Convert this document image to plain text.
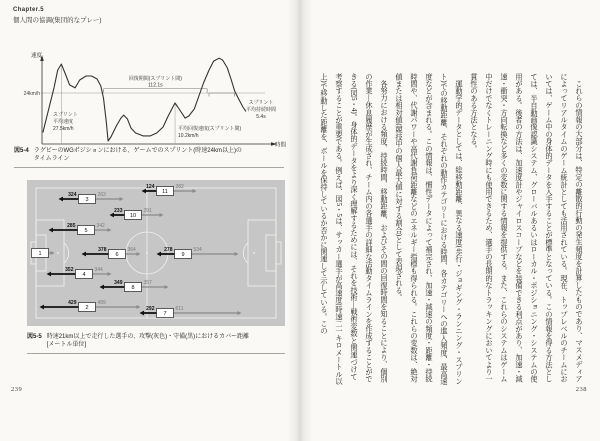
Chapter.5
個人間の協調(集団的なプレー)
24km/h
速度
時間
スプリント
平均速度
27.5km/h	平均回復速度(スプリント間)
10.2km/h
回復期間(スプリント間)
112.1s
スプリント
平均持続時間
5.4s
図5-4 ラグビーのWGポジションにおける、ゲームでのスプリント(時速24km以上)の
タイムライン
324	263
3
124	282
11
233	291
10
285	342
5
1
378	364
6
278	534
9
352	344
4
349	357
8
429	489
2	292	611
7
図5-5 時速21km以上で走行した選手の、攻撃(灰色)・守備(黒)におけるカバー距離
[メートル単位]
239

これらの情報の大部分は、特定の離散的行動の発生頻度を計算したものであり、マスメディアによってリアルタイムのゲーム統計としても活用されている。現在、トップレベルのチームにおいては、ゲーム中の身体的データを入手することが標準となっている。この情報を得る方法としては、半自動画像認識システム、グローバルあるいはローカル・ポジショニング・システムの使用がある。後者の方法は、加速度計やジャイロスコープなどを装備できる利点があり、加速・減速・衝突・方向転換など多くの変数に関する情報を提供する。また、これらのシステムはゲーム中だけでなくトレーニング時にも使用できるため、選手の長期的なトラッキングにおいてより一貫性のある方法となる。

運動学的データとしては、総移動距離、異なる速度(歩行・ジョギング・ランニング・スプリント)での移動距離、それぞれの動作カテゴリーにおける時間、各カテゴリーへの進入頻度、最高速度などが含まれる。この情報は、慣性データによって補完され、加速・減速の頻度・距離・持続時間や、代謝パワーや高代謝負荷距離などのエネルギー指標も得られる。これらの変数は、絶対値または相対値(競技中の個人最大値に対する割合)として表現される。

各努力における頻度、持続時間、移動距離、およびその間の回復時間を知ることにより、個別の作業―休息履歴が生成され、チーム内の各選手の詳細な活動タイムラインを作成することができる(図5・4)。身体的データをより深く理解するためには、それを技術―戦術変数と関連づけて考察することが重要である。例えば、図5・5は、サッカー選手が高速度(時速二一キロメートル以上)で移動した距離を、ボールを保持しているか否かに関連して示している。この

238
